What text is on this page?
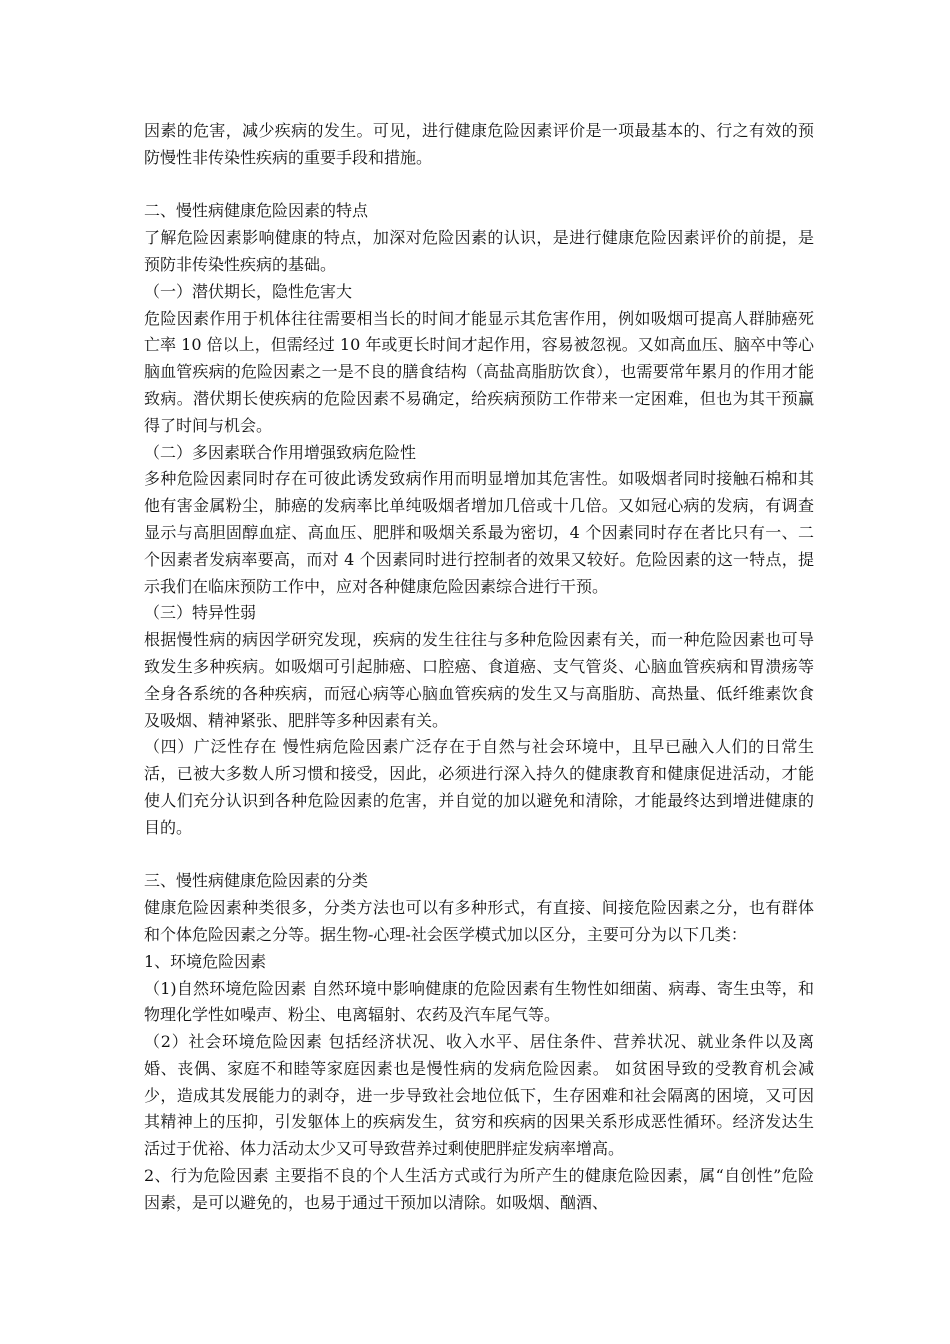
因素的危害，减少疾病的发生。可见，进行健康危险因素评价是一项最基本的、行之有效的预防慢性非传染性疾病的重要手段和措施。

二、慢性病健康危险因素的特点

了解危险因素影响健康的特点，加深对危险因素的认识，是进行健康危险因素评价的前提，是预防非传染性疾病的基础。

（一）潜伏期长，隐性危害大

危险因素作用于机体往往需要相当长的时间才能显示其危害作用，例如吸烟可提高人群肺癌死亡率 10 倍以上，但需经过 10 年或更长时间才起作用，容易被忽视。又如高血压、脑卒中等心脑血管疾病的危险因素之一是不良的膳食结构（高盐高脂肪饮食），也需要常年累月的作用才能致病。潜伏期长使疾病的危险因素不易确定，给疾病预防工作带来一定困难，但也为其干预赢得了时间与机会。

（二）多因素联合作用增强致病危险性

多种危险因素同时存在可彼此诱发致病作用而明显增加其危害性。如吸烟者同时接触石棉和其他有害金属粉尘，肺癌的发病率比单纯吸烟者增加几倍或十几倍。又如冠心病的发病，有调查显示与高胆固醇血症、高血压、肥胖和吸烟关系最为密切，4 个因素同时存在者比只有一、二个因素者发病率要高，而对 4 个因素同时进行控制者的效果又较好。危险因素的这一特点，提示我们在临床预防工作中，应对各种健康危险因素综合进行干预。

（三）特异性弱

根据慢性病的病因学研究发现，疾病的发生往往与多种危险因素有关，而一种危险因素也可导致发生多种疾病。如吸烟可引起肺癌、口腔癌、食道癌、支气管炎、心脑血管疾病和胃溃疡等全身各系统的各种疾病，而冠心病等心脑血管疾病的发生又与高脂肪、高热量、低纤维素饮食及吸烟、精神紧张、肥胖等多种因素有关。

（四）广泛性存在 慢性病危险因素广泛存在于自然与社会环境中，且早已融入人们的日常生活，已被大多数人所习惯和接受，因此，必须进行深入持久的健康教育和健康促进活动，才能使人们充分认识到各种危险因素的危害，并自觉的加以避免和清除，才能最终达到增进健康的目的。

三、慢性病健康危险因素的分类

健康危险因素种类很多，分类方法也可以有多种形式，有直接、间接危险因素之分，也有群体和个体危险因素之分等。据生物-心理-社会医学模式加以区分，主要可分为以下几类：

1、环境危险因素

（1)自然环境危险因素 自然环境中影响健康的危险因素有生物性如细菌、病毒、寄生虫等，和物理化学性如噪声、粉尘、电离辐射、农药及汽车尾气等。

（2）社会环境危险因素 包括经济状况、收入水平、居住条件、营养状况、就业条件以及离婚、丧偶、家庭不和睦等家庭因素也是慢性病的发病危险因素。 如贫困导致的受教育机会减少，造成其发展能力的剥夺，进一步导致社会地位低下，生存困难和社会隔离的困境，又可因其精神上的压抑，引发躯体上的疾病发生，贫穷和疾病的因果关系形成恶性循环。经济发达生活过于优裕、体力活动太少又可导致营养过剩使肥胖症发病率增高。

2、行为危险因素 主要指不良的个人生活方式或行为所产生的健康危险因素，属“自创性”危险因素，是可以避免的，也易于通过干预加以清除。如吸烟、酗酒、
